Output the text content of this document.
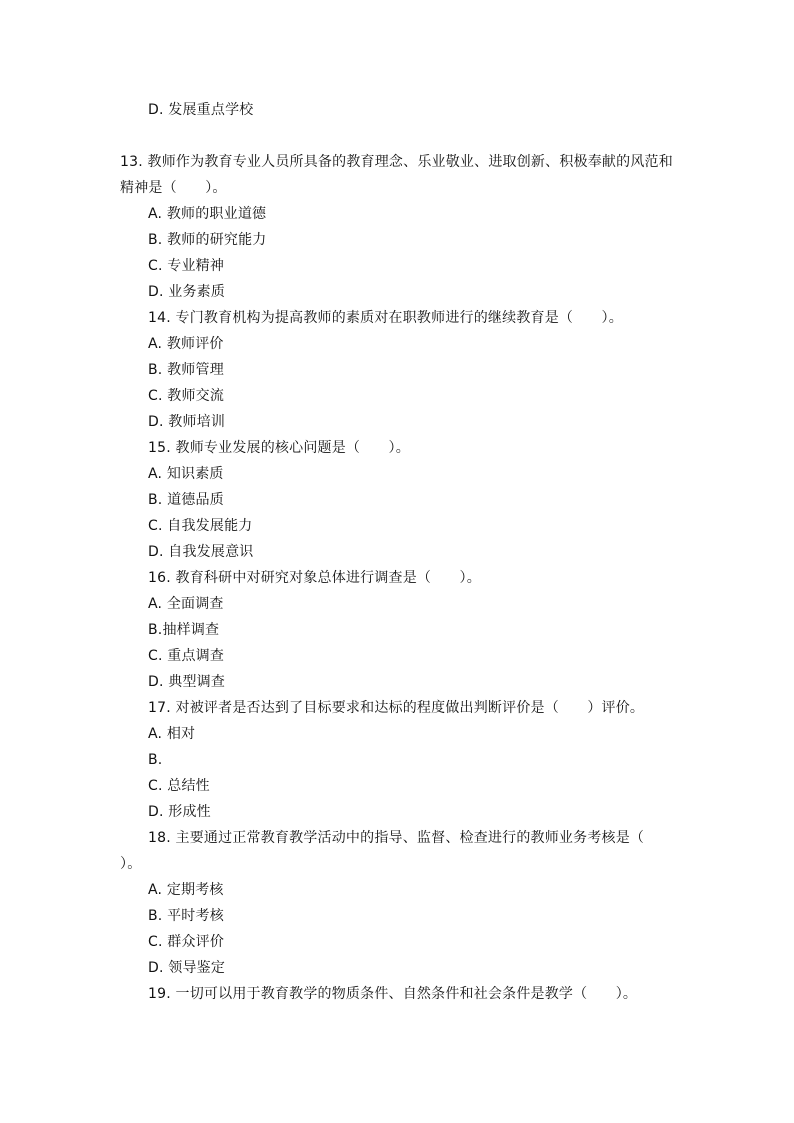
D. 发展重点学校
13. 教师作为教育专业人员所具备的教育理念、乐业敬业、进取创新、积极奉献的风范和
精神是（　　）。
A. 教师的职业道德
B. 教师的研究能力
C. 专业精神
D. 业务素质
14. 专门教育机构为提高教师的素质对在职教师进行的继续教育是（　　）。
A. 教师评价
B. 教师管理
C. 教师交流
D. 教师培训
15. 教师专业发展的核心问题是（　　）。
A. 知识素质
B. 道德品质
C. 自我发展能力
D. 自我发展意识
16. 教育科研中对研究对象总体进行调查是（　　）。
A. 全面调查
B.抽样调查
C. 重点调查
D. 典型调查
17. 对被评者是否达到了目标要求和达标的程度做出判断评价是（　　）评价。
A. 相对
B.
C. 总结性
D. 形成性
18. 主要通过正常教育教学活动中的指导、监督、检查进行的教师业务考核是（
）。
A. 定期考核
B. 平时考核
C. 群众评价
D. 领导鉴定
19. 一切可以用于教育教学的物质条件、自然条件和社会条件是教学（　　）。
